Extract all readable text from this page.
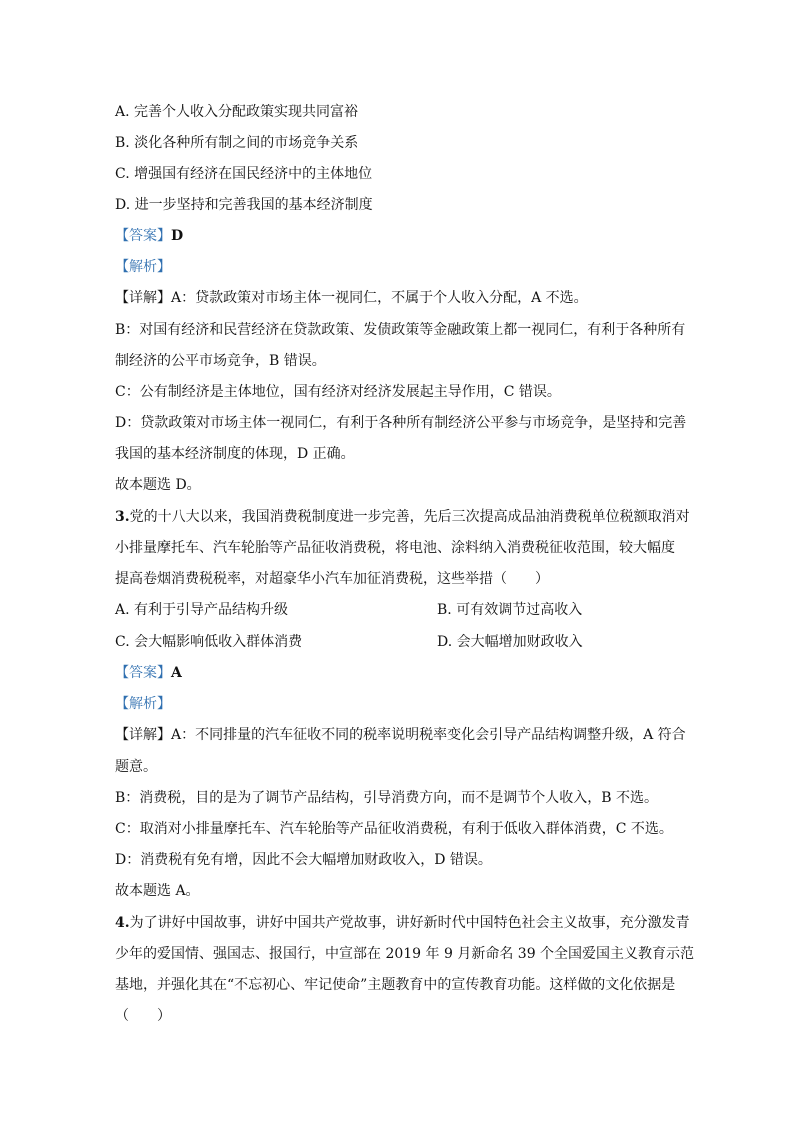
A. 完善个人收入分配政策实现共同富裕
B. 淡化各种所有制之间的市场竞争关系
C. 增强国有经济在国民经济中的主体地位
D. 进一步坚持和完善我国的基本经济制度
【答案】D
【解析】
【详解】A：贷款政策对市场主体一视同仁，不属于个人收入分配，A 不选。
B：对国有经济和民营经济在贷款政策、发债政策等金融政策上都一视同仁，有利于各种所有
制经济的公平市场竞争，B 错误。
C：公有制经济是主体地位，国有经济对经济发展起主导作用，C 错误。
D：贷款政策对市场主体一视同仁，有利于各种所有制经济公平参与市场竞争，是坚持和完善
我国的基本经济制度的体现，D 正确。
故本题选 D。
3.党的十八大以来，我国消费税制度进一步完善，先后三次提高成品油消费税单位税额取消对
小排量摩托车、汽车轮胎等产品征收消费税，将电池、涂料纳入消费税征收范围，较大幅度
提高卷烟消费税税率，对超豪华小汽车加征消费税，这些举措（　　）
A. 有利于引导产品结构升级	B. 可有效调节过高收入
C. 会大幅影响低收入群体消费	D. 会大幅增加财政收入
【答案】A
【解析】
【详解】A：不同排量的汽车征收不同的税率说明税率变化会引导产品结构调整升级，A 符合
题意。
B：消费税，目的是为了调节产品结构，引导消费方向，而不是调节个人收入，B 不选。
C：取消对小排量摩托车、汽车轮胎等产品征收消费税，有利于低收入群体消费，C 不选。
D：消费税有免有增，因此不会大幅增加财政收入，D 错误。
故本题选 A。
4.为了讲好中国故事，讲好中国共产党故事，讲好新时代中国特色社会主义故事，充分激发青
少年的爱国情、强国志、报国行，中宣部在 2019 年 9 月新命名 39 个全国爱国主义教育示范
基地，并强化其在“不忘初心、牢记使命”主题教育中的宣传教育功能。这样做的文化依据是
（　　）
